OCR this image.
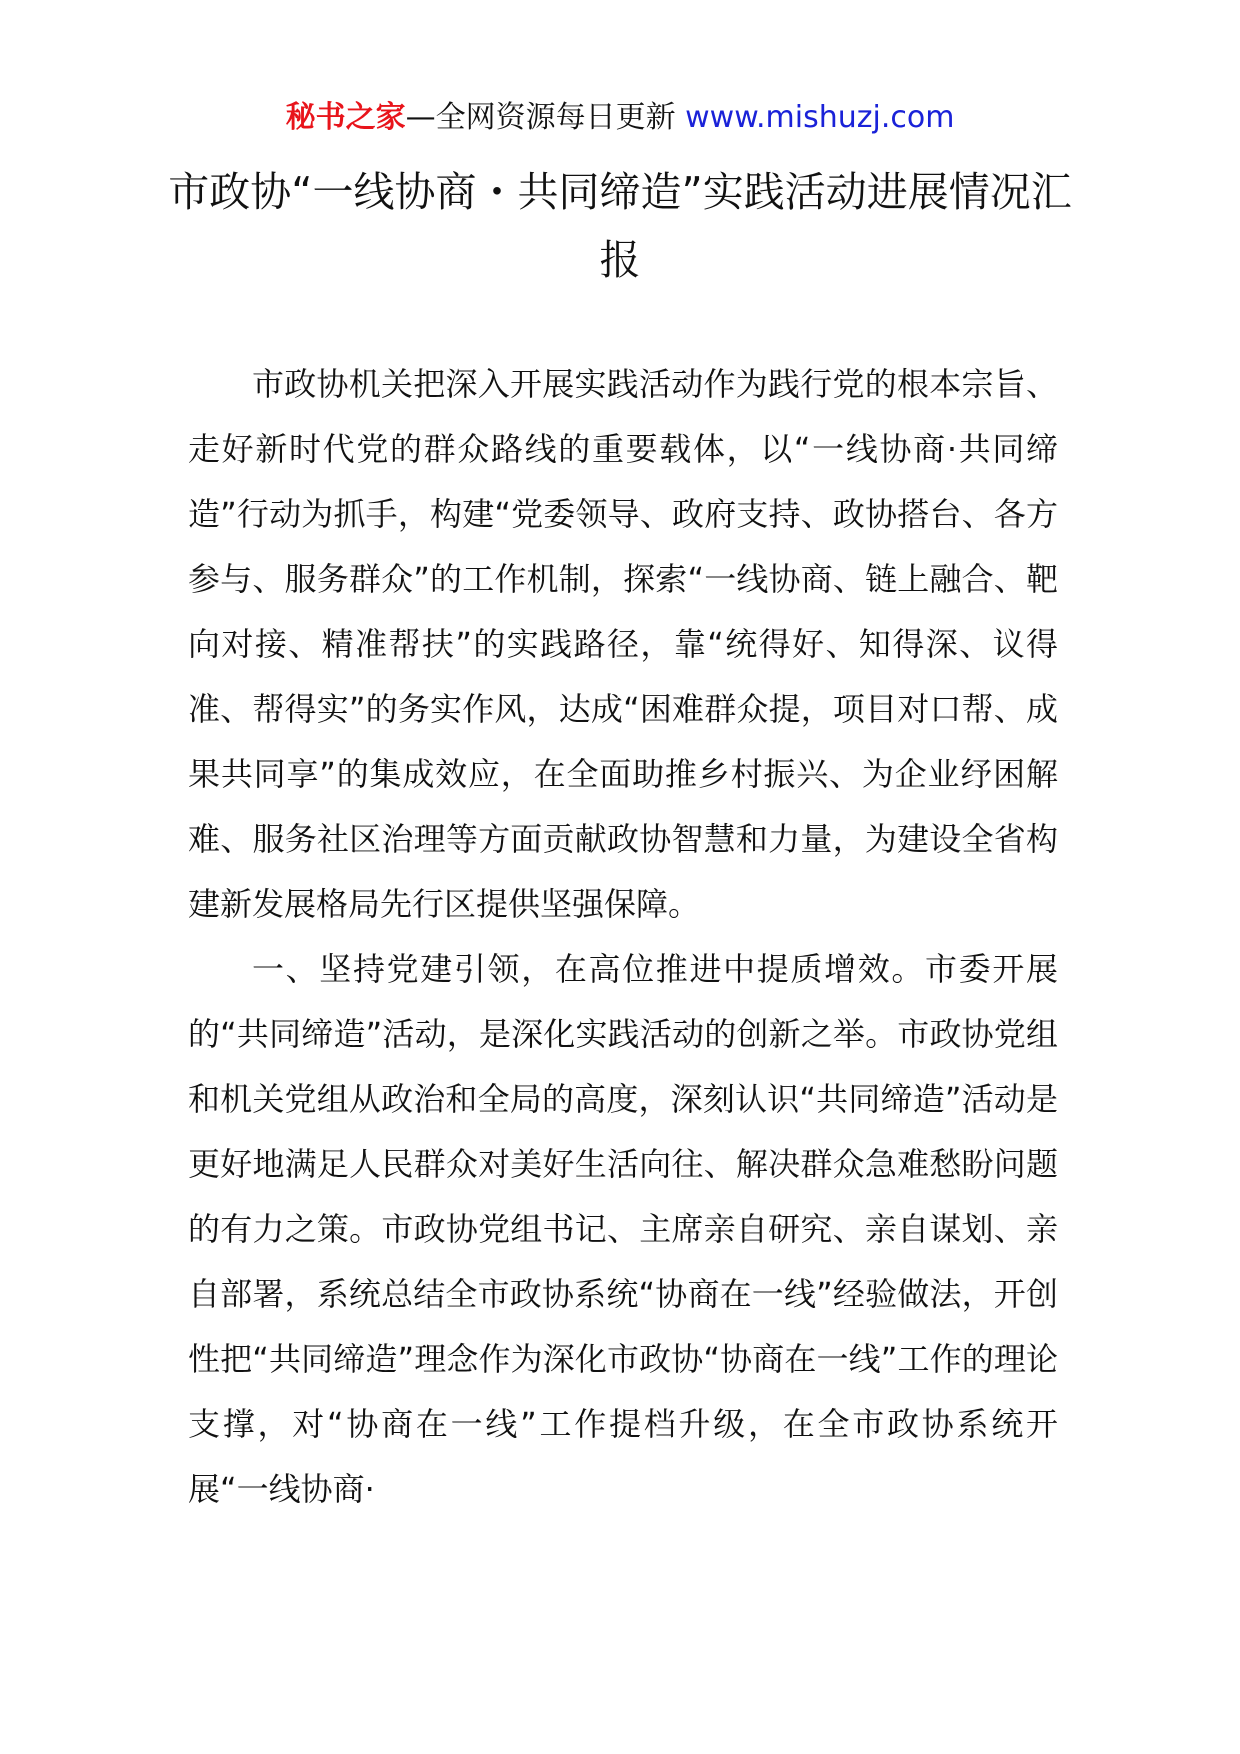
秘书之家—全网资源每日更新 www.mishuzj.com
市政协“一线协商・共同缔造”实践活动进展情况汇报

市政协机关把深入开展实践活动作为践行党的根本宗旨、走好新时代党的群众路线的重要载体，以“一线协商·共同缔造”行动为抓手，构建“党委领导、政府支持、政协搭台、各方参与、服务群众”的工作机制，探索“一线协商、链上融合、靶向对接、精准帮扶”的实践路径，靠“统得好、知得深、议得准、帮得实”的务实作风，达成“困难群众提，项目对口帮、成果共同享”的集成效应，在全面助推乡村振兴、为企业纾困解难、服务社区治理等方面贡献政协智慧和力量，为建设全省构建新发展格局先行区提供坚强保障。

一、坚持党建引领，在高位推进中提质增效。市委开展的“共同缔造”活动，是深化实践活动的创新之举。市政协党组和机关党组从政治和全局的高度，深刻认识“共同缔造”活动是更好地满足人民群众对美好生活向往、解决群众急难愁盼问题的有力之策。市政协党组书记、主席亲自研究、亲自谋划、亲自部署，系统总结全市政协系统“协商在一线”经验做法，开创性把“共同缔造”理念作为深化市政协“协商在一线”工作的理论支撑，对“协商在一线”工作提档升级，在全市政协系统开展“一线协商·
